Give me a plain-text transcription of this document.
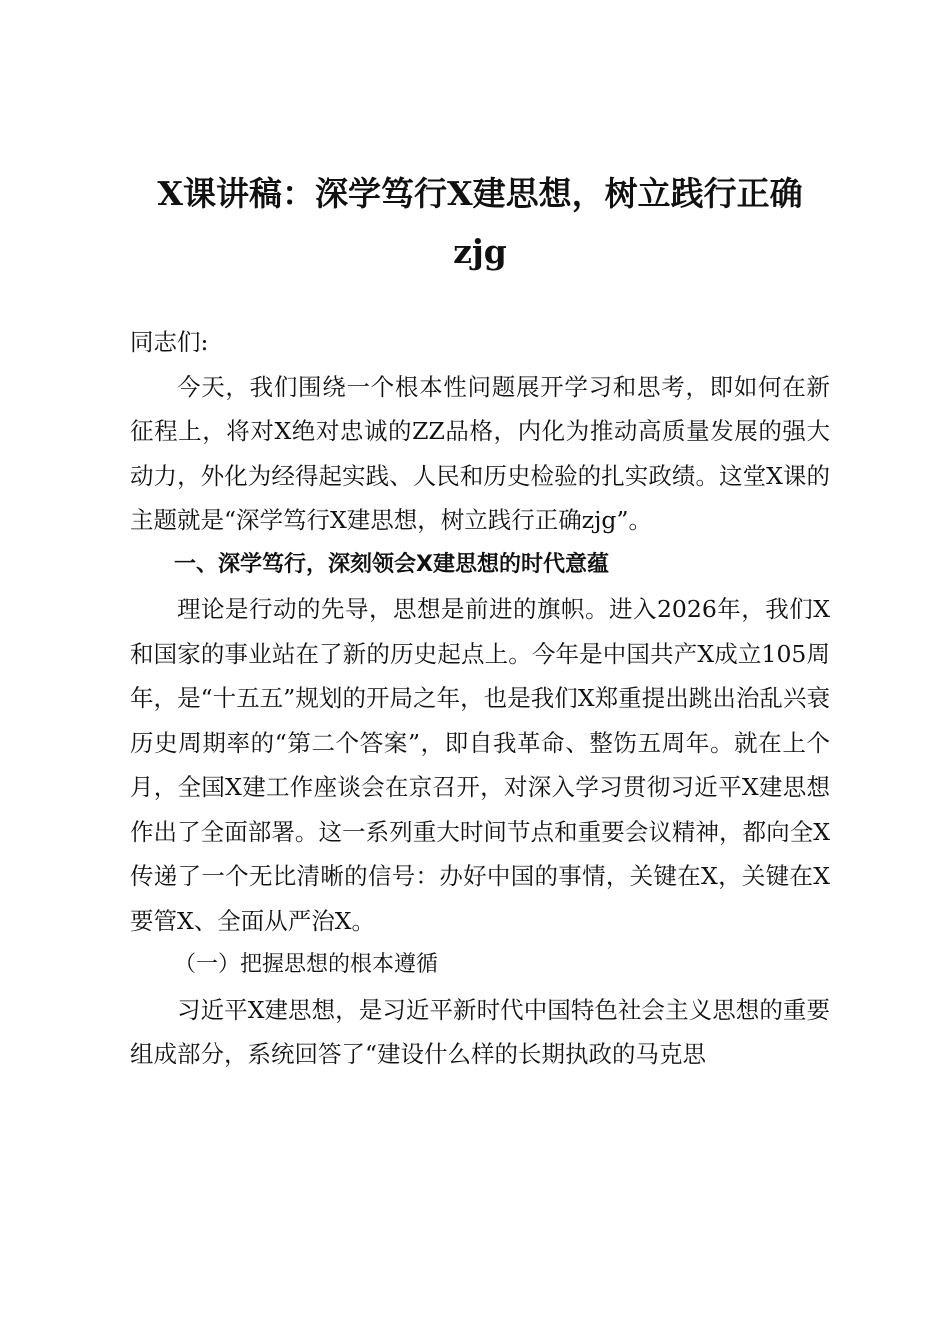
X课讲稿：深学笃行X建思想，树立践行正确
zjg

同志们:

今天，我们围绕一个根本性问题展开学习和思考，即如何在新征程上，将对X绝对忠诚的ZZ品格，内化为推动高质量发展的强大动力，外化为经得起实践、人民和历史检验的扎实政绩。这堂X课的主题就是“深学笃行X建思想，树立践行正确zjg”。

一、深学笃行，深刻领会X建思想的时代意蕴

理论是行动的先导，思想是前进的旗帜。进入2026年，我们X和国家的事业站在了新的历史起点上。今年是中国共产X成立105周年，是“十五五”规划的开局之年，也是我们X郑重提出跳出治乱兴衰历史周期率的“第二个答案”，即自我革命、整饬五周年。就在上个月，全国X建工作座谈会在京召开，对深入学习贯彻习近平X建思想作出了全面部署。这一系列重大时间节点和重要会议精神，都向全X传递了一个无比清晰的信号：办好中国的事情，关键在X，关键在X要管X、全面从严治X。

（一）把握思想的根本遵循

习近平X建思想，是习近平新时代中国特色社会主义思想的重要组成部分，系统回答了“建设什么样的长期执政的马克思
